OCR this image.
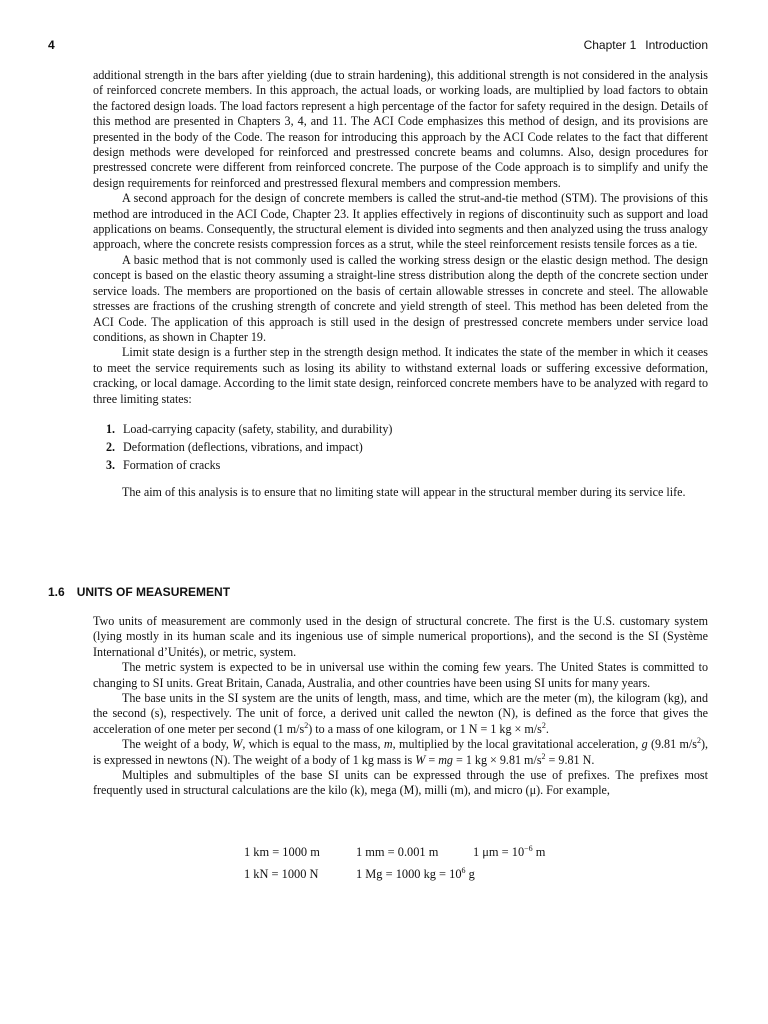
4	Chapter 1 Introduction

additional strength in the bars after yielding (due to strain hardening), this additional strength is not considered in the analysis of reinforced concrete members. In this approach, the actual loads, or working loads, are multiplied by load factors to obtain the factored design loads. The load factors represent a high percentage of the factor for safety required in the design. Details of this method are presented in Chapters 3, 4, and 11. The ACI Code emphasizes this method of design, and its provisions are presented in the body of the Code. The reason for introducing this approach by the ACI Code relates to the fact that different design methods were developed for reinforced and prestressed concrete beams and columns. Also, design procedures for prestressed concrete were different from reinforced concrete. The purpose of the Code approach is to simplify and unify the design requirements for reinforced and prestressed flexural members and compression members.

A second approach for the design of concrete members is called the strut-and-tie method (STM). The provisions of this method are introduced in the ACI Code, Chapter 23. It applies effectively in regions of discontinuity such as support and load applications on beams. Consequently, the structural element is divided into segments and then analyzed using the truss analogy approach, where the concrete resists compression forces as a strut, while the steel reinforcement resists tensile forces as a tie.

A basic method that is not commonly used is called the working stress design or the elastic design method. The design concept is based on the elastic theory assuming a straight-line stress distribution along the depth of the concrete section under service loads. The members are proportioned on the basis of certain allowable stresses in concrete and steel. The allowable stresses are fractions of the crushing strength of concrete and yield strength of steel. This method has been deleted from the ACI Code. The application of this approach is still used in the design of prestressed concrete members under service load conditions, as shown in Chapter 19.

Limit state design is a further step in the strength design method. It indicates the state of the member in which it ceases to meet the service requirements such as losing its ability to withstand external loads or suffering excessive deformation, cracking, or local damage. According to the limit state design, reinforced concrete members have to be analyzed with regard to three limiting states:

1. Load-carrying capacity (safety, stability, and durability)
2. Deformation (deflections, vibrations, and impact)
3. Formation of cracks

The aim of this analysis is to ensure that no limiting state will appear in the structural member during its service life.

1.6 UNITS OF MEASUREMENT

Two units of measurement are commonly used in the design of structural concrete. The first is the U.S. customary system (lying mostly in its human scale and its ingenious use of simple numerical proportions), and the second is the SI (Système International d’Unités), or metric, system.

The metric system is expected to be in universal use within the coming few years. The United States is committed to changing to SI units. Great Britain, Canada, Australia, and other countries have been using SI units for many years.

The base units in the SI system are the units of length, mass, and time, which are the meter (m), the kilogram (kg), and the second (s), respectively. The unit of force, a derived unit called the newton (N), is defined as the force that gives the acceleration of one meter per second (1 $m/s^2$) to a mass of one kilogram, or 1 N = 1 kg × $m/s^2$.

The weight of a body, W, which is equal to the mass, m, multiplied by the local gravitational acceleration, g (9.81 $m/s^2$), is expressed in newtons (N). The weight of a body of 1 kg mass is W = mg = 1 kg × 9.81 $m/s^2 = 9.81$ N.

Multiples and submultiples of the base SI units can be expressed through the use of prefixes. The prefixes most frequently used in structural calculations are the kilo (k), mega (M), milli (m), and micro (μ). For example,

1 km = 1000 m	1 mm = 0.001 m	1 $\mu m = 10^{-6}$ m
1 kN = 1000 N	1 Mg = 1000 kg = $10^6$ g
